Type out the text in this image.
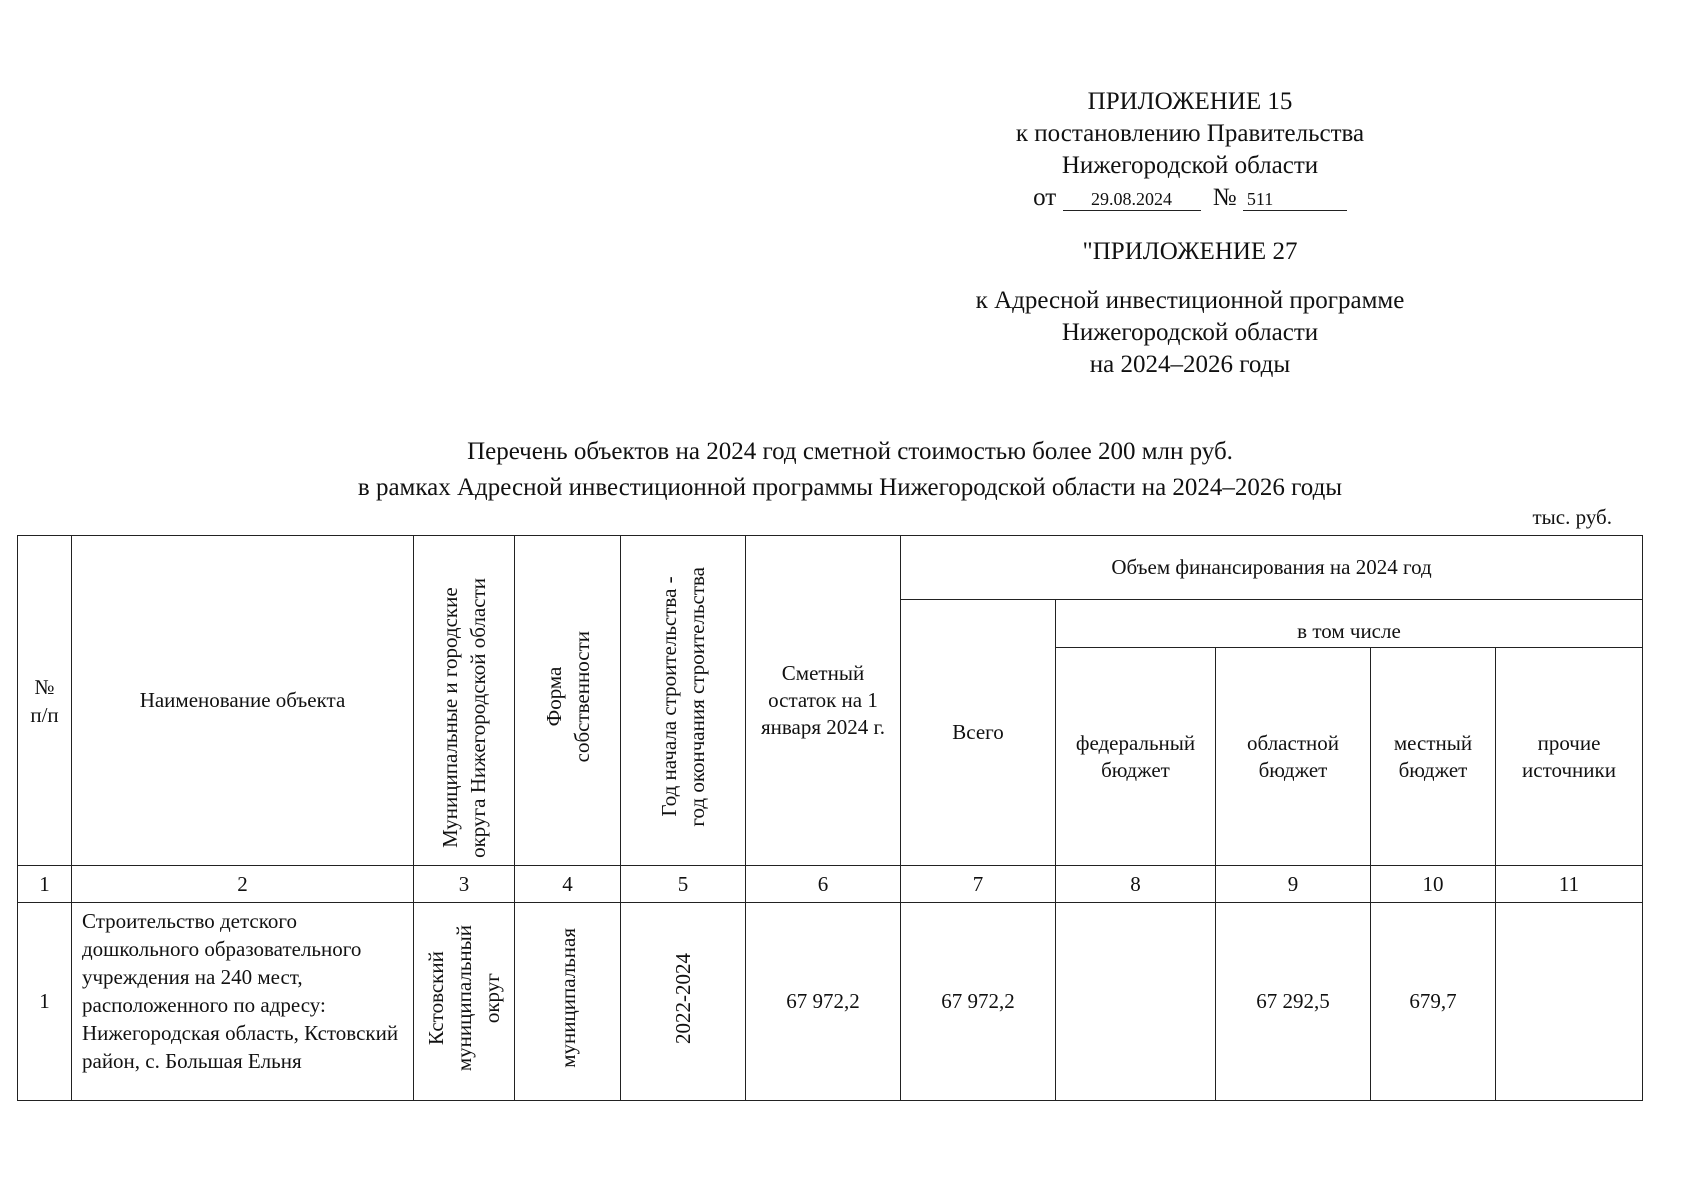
ПРИЛОЖЕНИЕ 15
к постановлению Правительства
Нижегородской области
от 29.08.2024 № 511
"ПРИЛОЖЕНИЕ 27
к Адресной инвестиционной программе
Нижегородской области
на 2024–2026 годы
Перечень объектов на 2024 год сметной стоимостью более 200 млн руб.
в рамках Адресной инвестиционной программы Нижегородской области на 2024–2026 годы
тыс. руб.
№ п/п	Наименование объекта	Муниципальные и городские округа Нижегородской области	Форма собственности	Год начала строительства - год окончания строительства	Сметный остаток на 1 января 2024 г.	Объем финансирования на 2024 год				
						Всего	в том числе			
							федеральный бюджет	областной бюджет	местный бюджет	прочие источники
1	2	3	4	5	6	7	8	9	10	11
1	Строительство детского дошкольного образовательного учреждения на 240 мест, расположенного по адресу: Нижегородская область, Кстовский район, с. Большая Ельня	Кстовский муниципальный округ	муниципальная	2022-2024	67 972,2	67 972,2		67 292,5	679,7	
